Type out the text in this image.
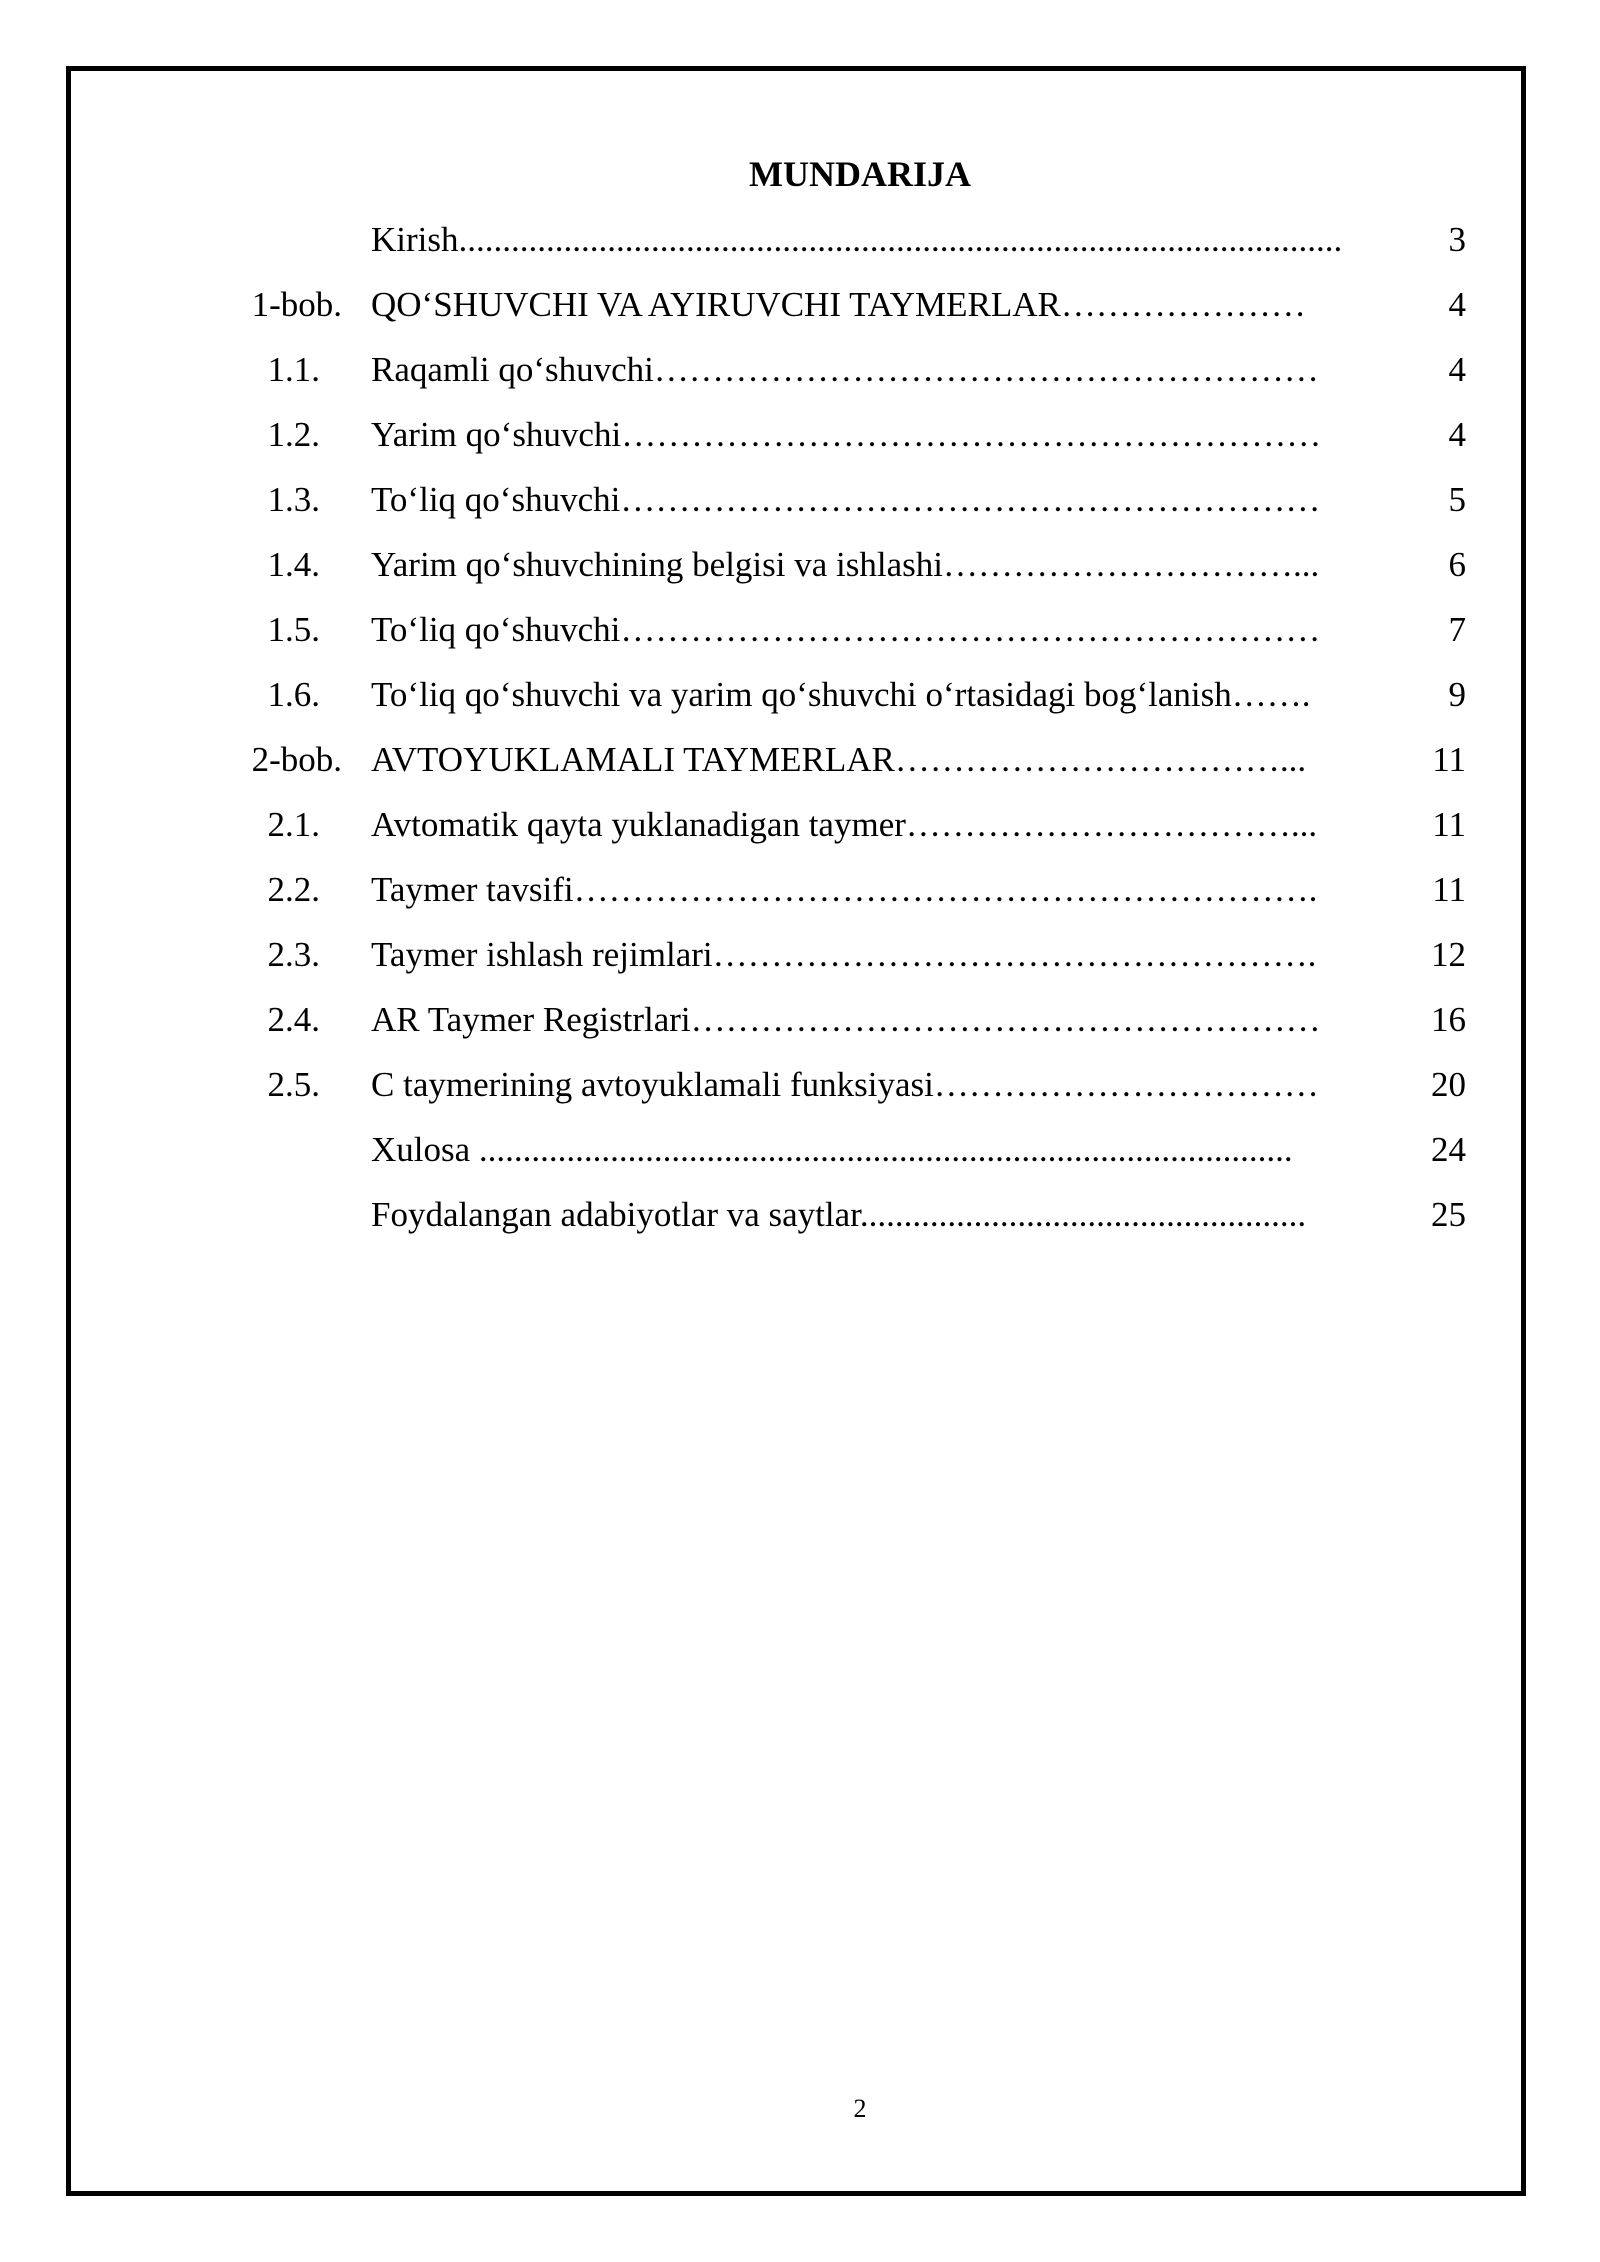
MUNDARIJA
Kirish.....................................................................................................	3
1-bob. QO‘SHUVCHI VA AYIRUVCHI TAYMERLAR…………………	4
1.1. Raqamli qo‘shuvchi…………………………………………………	4
1.2. Yarim qo‘shuvchi……………………………………………………	4
1.3. To‘liq qo‘shuvchi……………………………………………………	5
1.4. Yarim qo‘shuvchining belgisi va ishlashi…………………………...	6
1.5. To‘liq qo‘shuvchi……………………………………………………	7
1.6. To‘liq qo‘shuvchi va yarim qo‘shuvchi o‘rtasidagi bog‘lanish…….	9
2-bob. AVTOYUKLAMALI TAYMERLAR……………………………...	11
2.1. Avtomatik qayta yuklanadigan taymer……………………………...	11
2.2. Taymer tavsifi……………………………………………………….	11
2.3. Taymer ishlash rejimlari…………………………………………….	12
2.4. AR Taymer Registrlari………………………………………………	16
2.5. C taymerining avtoyuklamali funksiyasi……………………………	20
Xulosa .............................................................................................	24
Foydalangan adabiyotlar va saytlar...................................................	25
2
